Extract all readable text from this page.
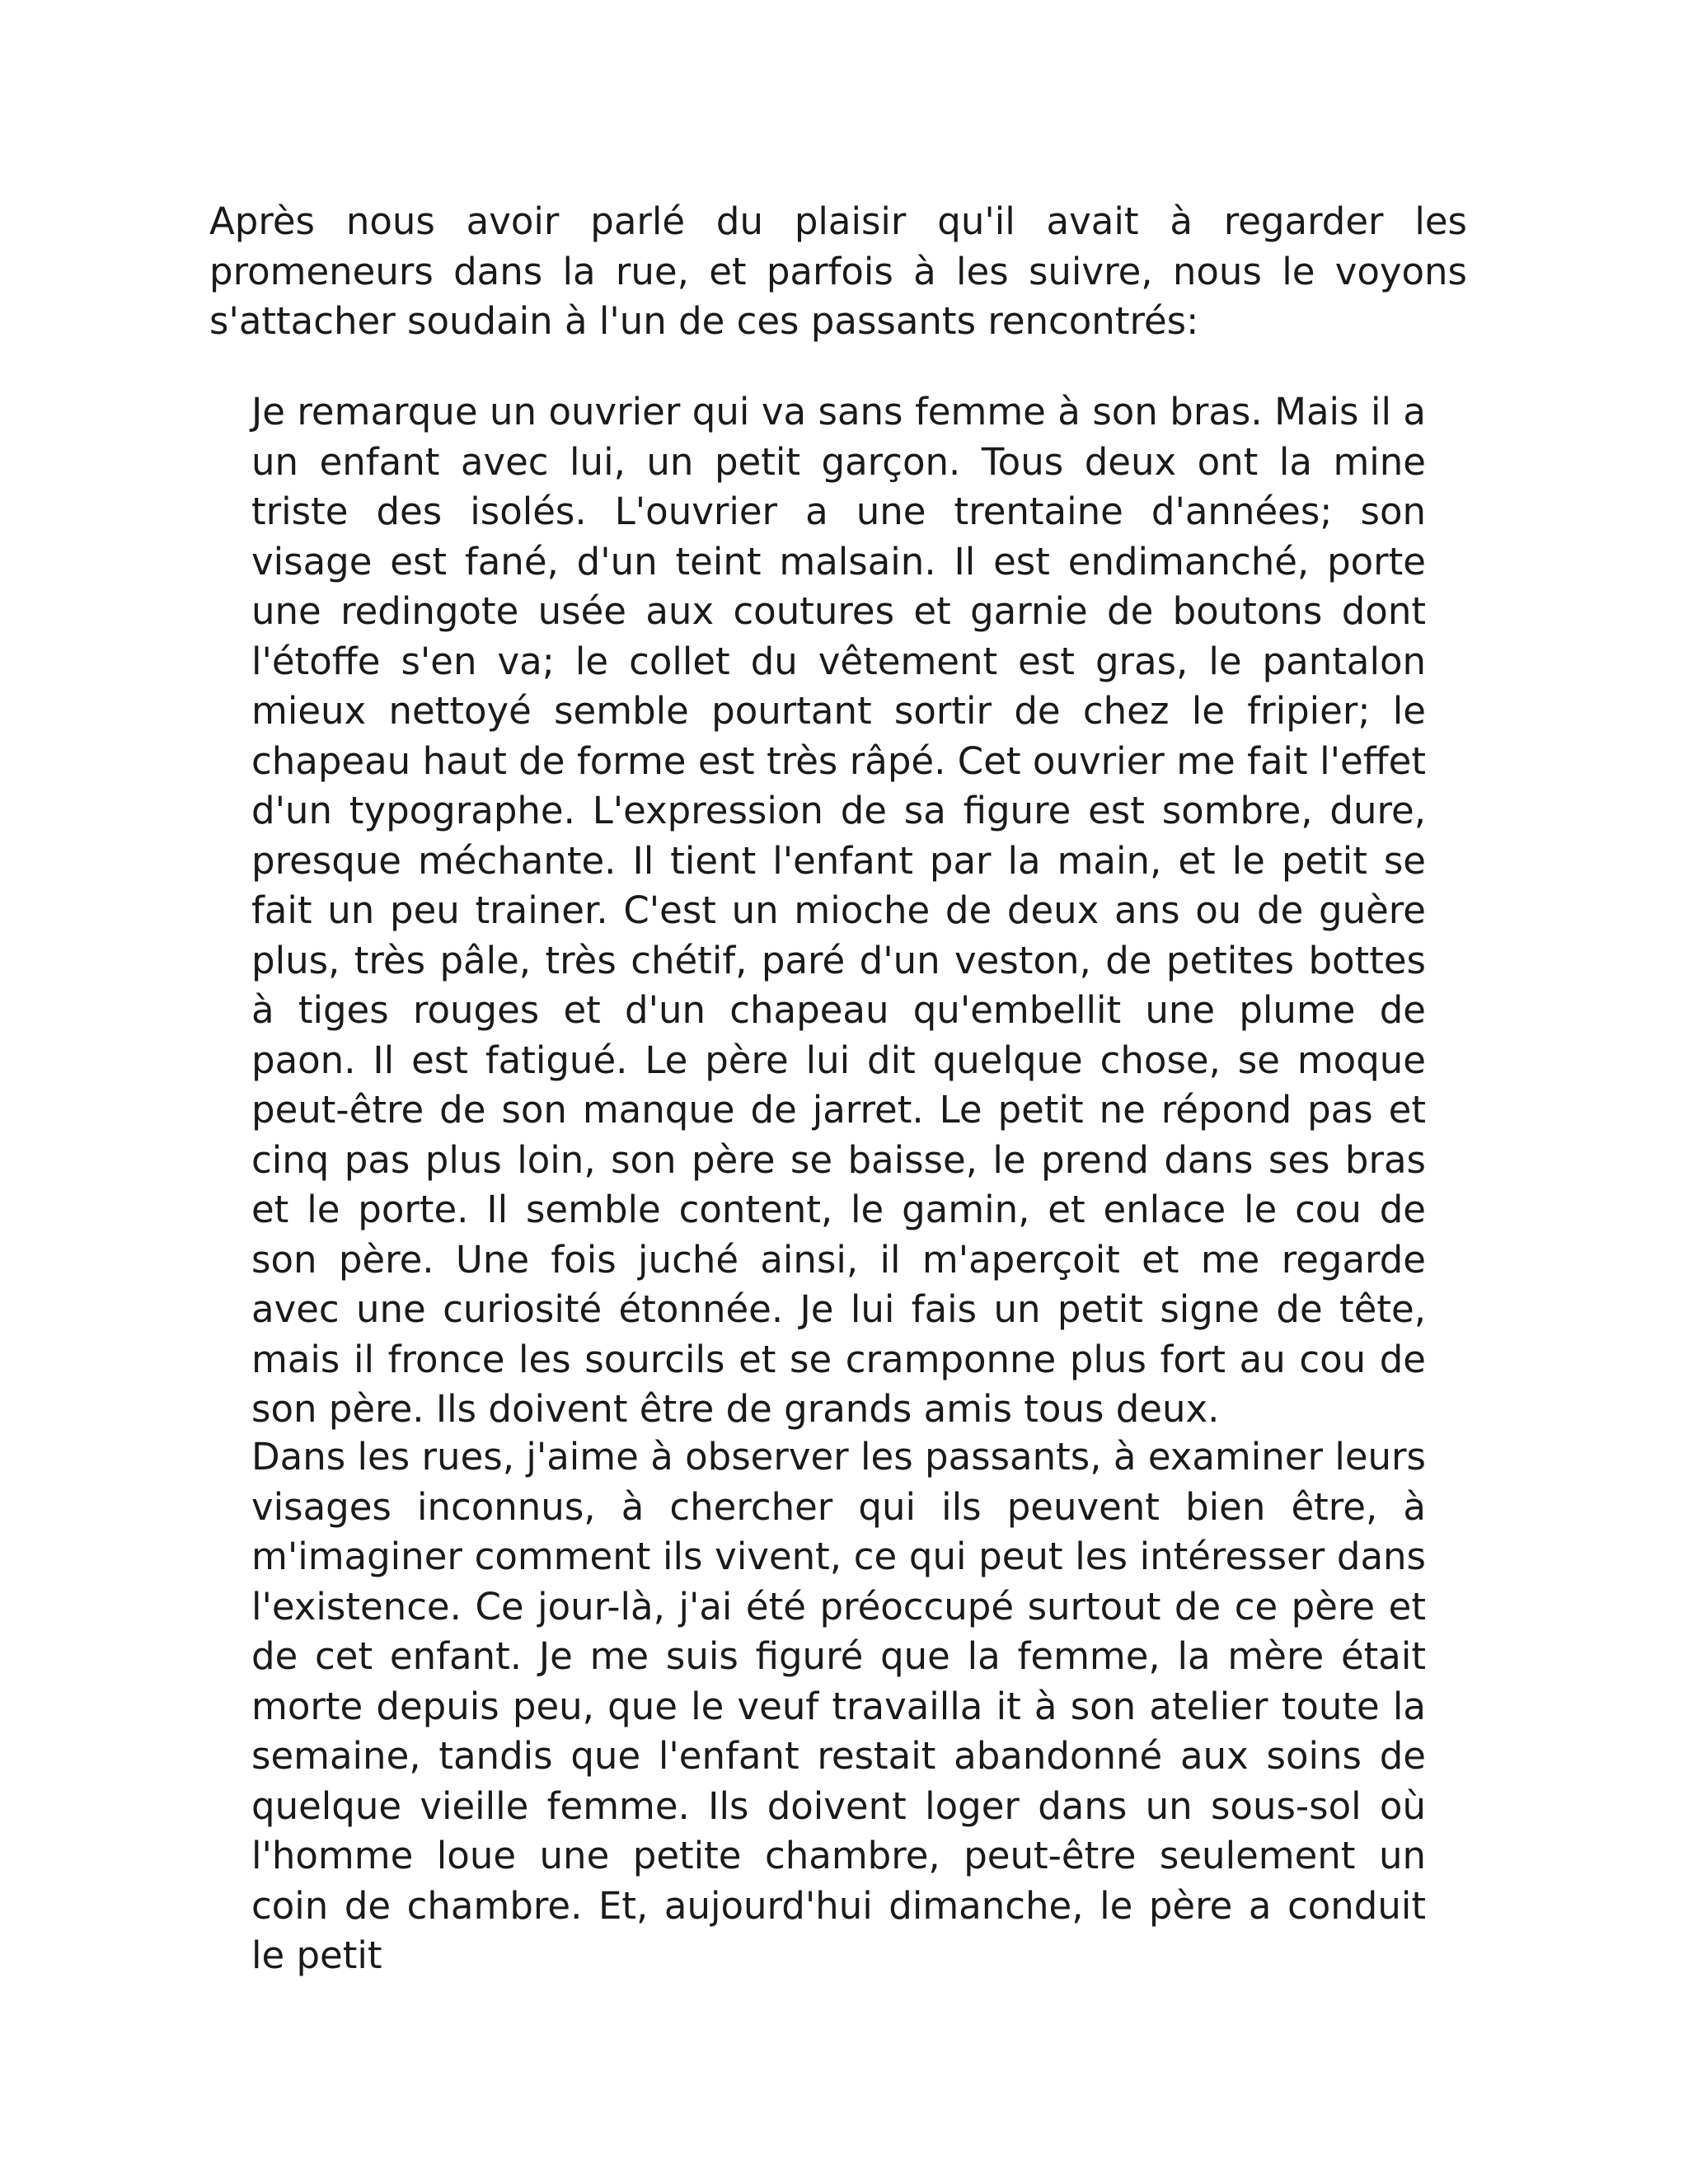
Après nous avoir parlé du plaisir qu'il avait à regarder les promeneurs dans la rue, et parfois à les suivre, nous le voyons s'attacher soudain à l'un de ces passants rencontrés:

Je remarque un ouvrier qui va sans femme à son bras. Mais il a un enfant avec lui, un petit garçon. Tous deux ont la mine triste des isolés. L'ouvrier a une trentaine d'années; son visage est fané, d'un teint malsain. Il est endimanché, porte une redingote usée aux coutures et garnie de boutons dont l'étoffe s'en va; le collet du vêtement est gras, le pantalon mieux nettoyé semble pourtant sortir de chez le fripier; le chapeau haut de forme est très râpé. Cet ouvrier me fait l'effet d'un typographe. L'expression de sa figure est sombre, dure, presque méchante. Il tient l'enfant par la main, et le petit se fait un peu trainer. C'est un mioche de deux ans ou de guère plus, très pâle, très chétif, paré d'un veston, de petites bottes à tiges rouges et d'un chapeau qu'embellit une plume de paon. Il est fatigué. Le père lui dit quelque chose, se moque peut-être de son manque de jarret. Le petit ne répond pas et cinq pas plus loin, son père se baisse, le prend dans ses bras et le porte. Il semble content, le gamin, et enlace le cou de son père. Une fois juché ainsi, il m'aperçoit et me regarde avec une curiosité étonnée. Je lui fais un petit signe de tête, mais il fronce les sourcils et se cramponne plus fort au cou de son père. Ils doivent être de grands amis tous deux.

Dans les rues, j'aime à observer les passants, à examiner leurs visages inconnus, à chercher qui ils peuvent bien être, à m'imaginer comment ils vivent, ce qui peut les intéresser dans l'existence. Ce jour-là, j'ai été préoccupé surtout de ce père et de cet enfant. Je me suis figuré que la femme, la mère était morte depuis peu, que le veuf travailla it à son atelier toute la semaine, tandis que l'enfant restait abandonné aux soins de quelque vieille femme. Ils doivent loger dans un sous-sol où l'homme loue une petite chambre, peut-être seulement un coin de chambre. Et, aujourd'hui dimanche, le père a conduit le petit
